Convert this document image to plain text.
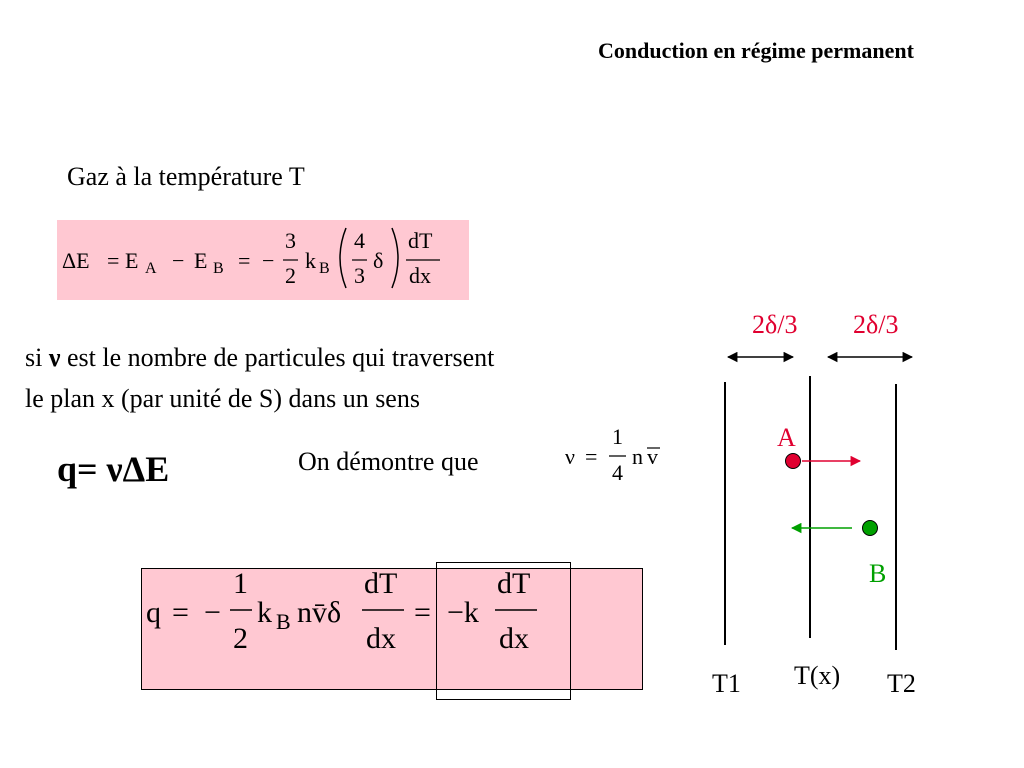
Conduction en régime permanent
Gaz à la température T
si ν est le nombre de particules qui traversent
le plan x (par unité de S) dans un sens
q= νΔE	On démontre que
ΔE = E A − E B = −
3
2
k B
4
3
δ
dT
dx
ν =
1
4
n v
q = −
1
2
k B nv̄δ
dT
dx
= −k
dT
dx
2δ/3 2δ/3
A
B
T1 T(x) T2
